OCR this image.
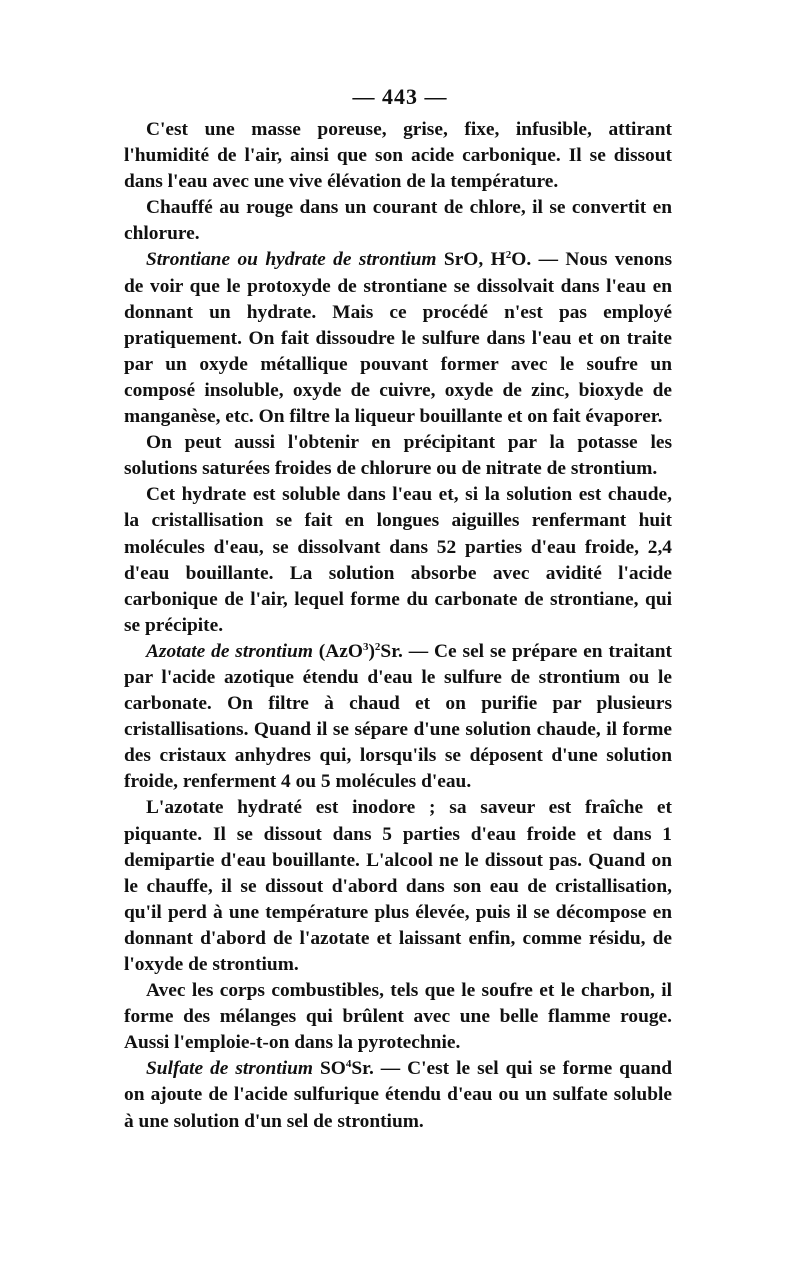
— 443 —

C'est une masse poreuse, grise, fixe, infusible, attirant l'humidité de l'air, ainsi que son acide carbonique. Il se dissout dans l'eau avec une vive élévation de la température.

Chauffé au rouge dans un courant de chlore, il se convertit en chlorure.

Strontiane ou hydrate de strontium SrO, $H^2O$. — Nous venons de voir que le protoxyde de strontiane se dissolvait dans l'eau en donnant un hydrate. Mais ce procédé n'est pas employé pratiquement. On fait dissoudre le sulfure dans l'eau et on traite par un oxyde métallique pouvant former avec le soufre un composé insoluble, oxyde de cuivre, oxyde de zinc, bioxyde de manganèse, etc. On filtre la liqueur bouillante et on fait évaporer.

On peut aussi l'obtenir en précipitant par la potasse les solutions saturées froides de chlorure ou de nitrate de strontium.

Cet hydrate est soluble dans l'eau et, si la solution est chaude, la cristallisation se fait en longues aiguilles renfermant huit molécules d'eau, se dissolvant dans 52 parties d'eau froide, 2,4 d'eau bouillante. La solution absorbe avec avidité l'acide carbonique de l'air, lequel forme du carbonate de strontiane, qui se précipite.

Azotate de strontium $(AzO^3)^2Sr$. — Ce sel se prépare en traitant par l'acide azotique étendu d'eau le sulfure de strontium ou le carbonate. On filtre à chaud et on purifie par plusieurs cristallisations. Quand il se sépare d'une solution chaude, il forme des cristaux anhydres qui, lorsqu'ils se déposent d'une solution froide, renferment 4 ou 5 molécules d'eau.

L'azotate hydraté est inodore ; sa saveur est fraîche et piquante. Il se dissout dans 5 parties d'eau froide et dans 1 demipartie d'eau bouillante. L'alcool ne le dissout pas. Quand on le chauffe, il se dissout d'abord dans son eau de cristallisation, qu'il perd à une température plus élevée, puis il se décompose en donnant d'abord de l'azotate et laissant enfin, comme résidu, de l'oxyde de strontium.

Avec les corps combustibles, tels que le soufre et le charbon, il forme des mélanges qui brûlent avec une belle flamme rouge. Aussi l'emploie-t-on dans la pyrotechnie.

Sulfate de strontium $SO^4Sr$. — C'est le sel qui se forme quand on ajoute de l'acide sulfurique étendu d'eau ou un sulfate soluble à une solution d'un sel de strontium.
